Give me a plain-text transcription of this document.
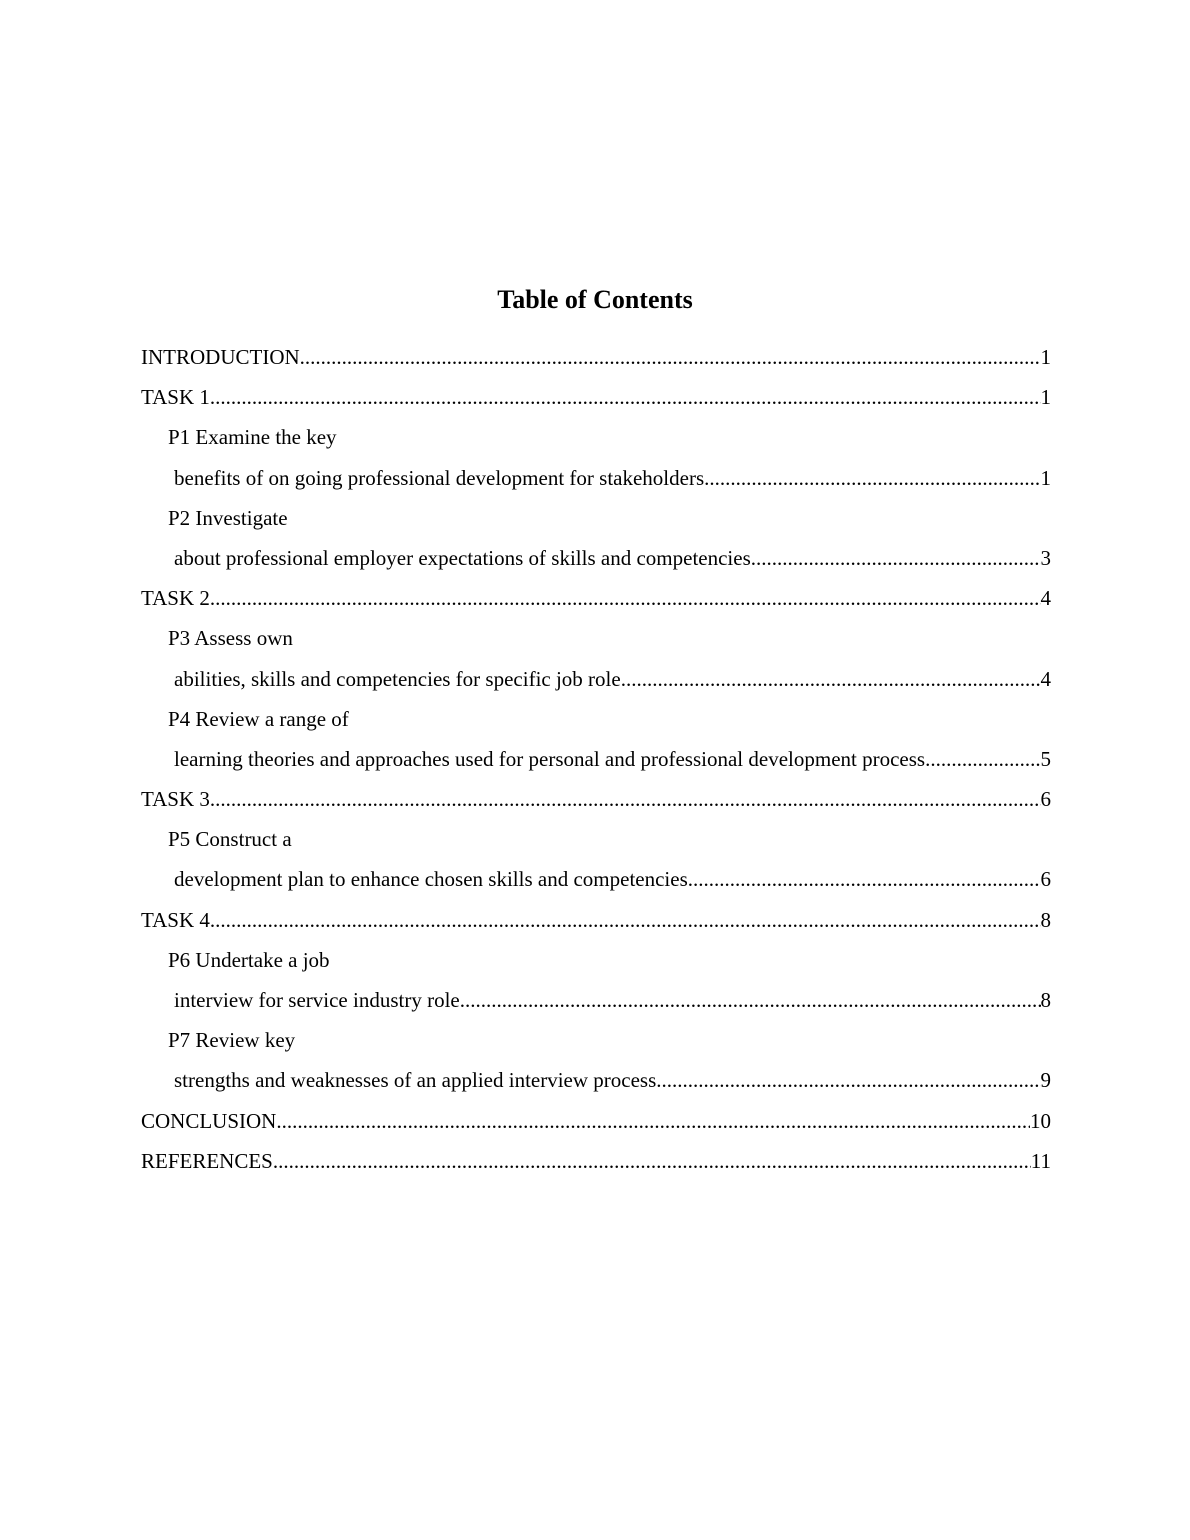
Table of Contents
INTRODUCTION .....	1
TASK 1 .....	1
P1 Examine the key
benefits of on going professional development for stakeholders .....	1
P2 Investigate
about professional employer expectations of skills and competencies .....	3
TASK 2 .....	4
P3 Assess own
abilities, skills and competencies for specific job role .....	4
P4 Review a range of
learning theories and approaches used for personal and professional development process .....	5
TASK 3 .....	6
P5 Construct a
development plan to enhance chosen skills and competencies .....	6
TASK 4 .....	8
P6 Undertake a job
interview for service industry role .....	8
P7 Review key
strengths and weaknesses of an applied interview process .....	9
CONCLUSION .....	10
REFERENCES .....	11
